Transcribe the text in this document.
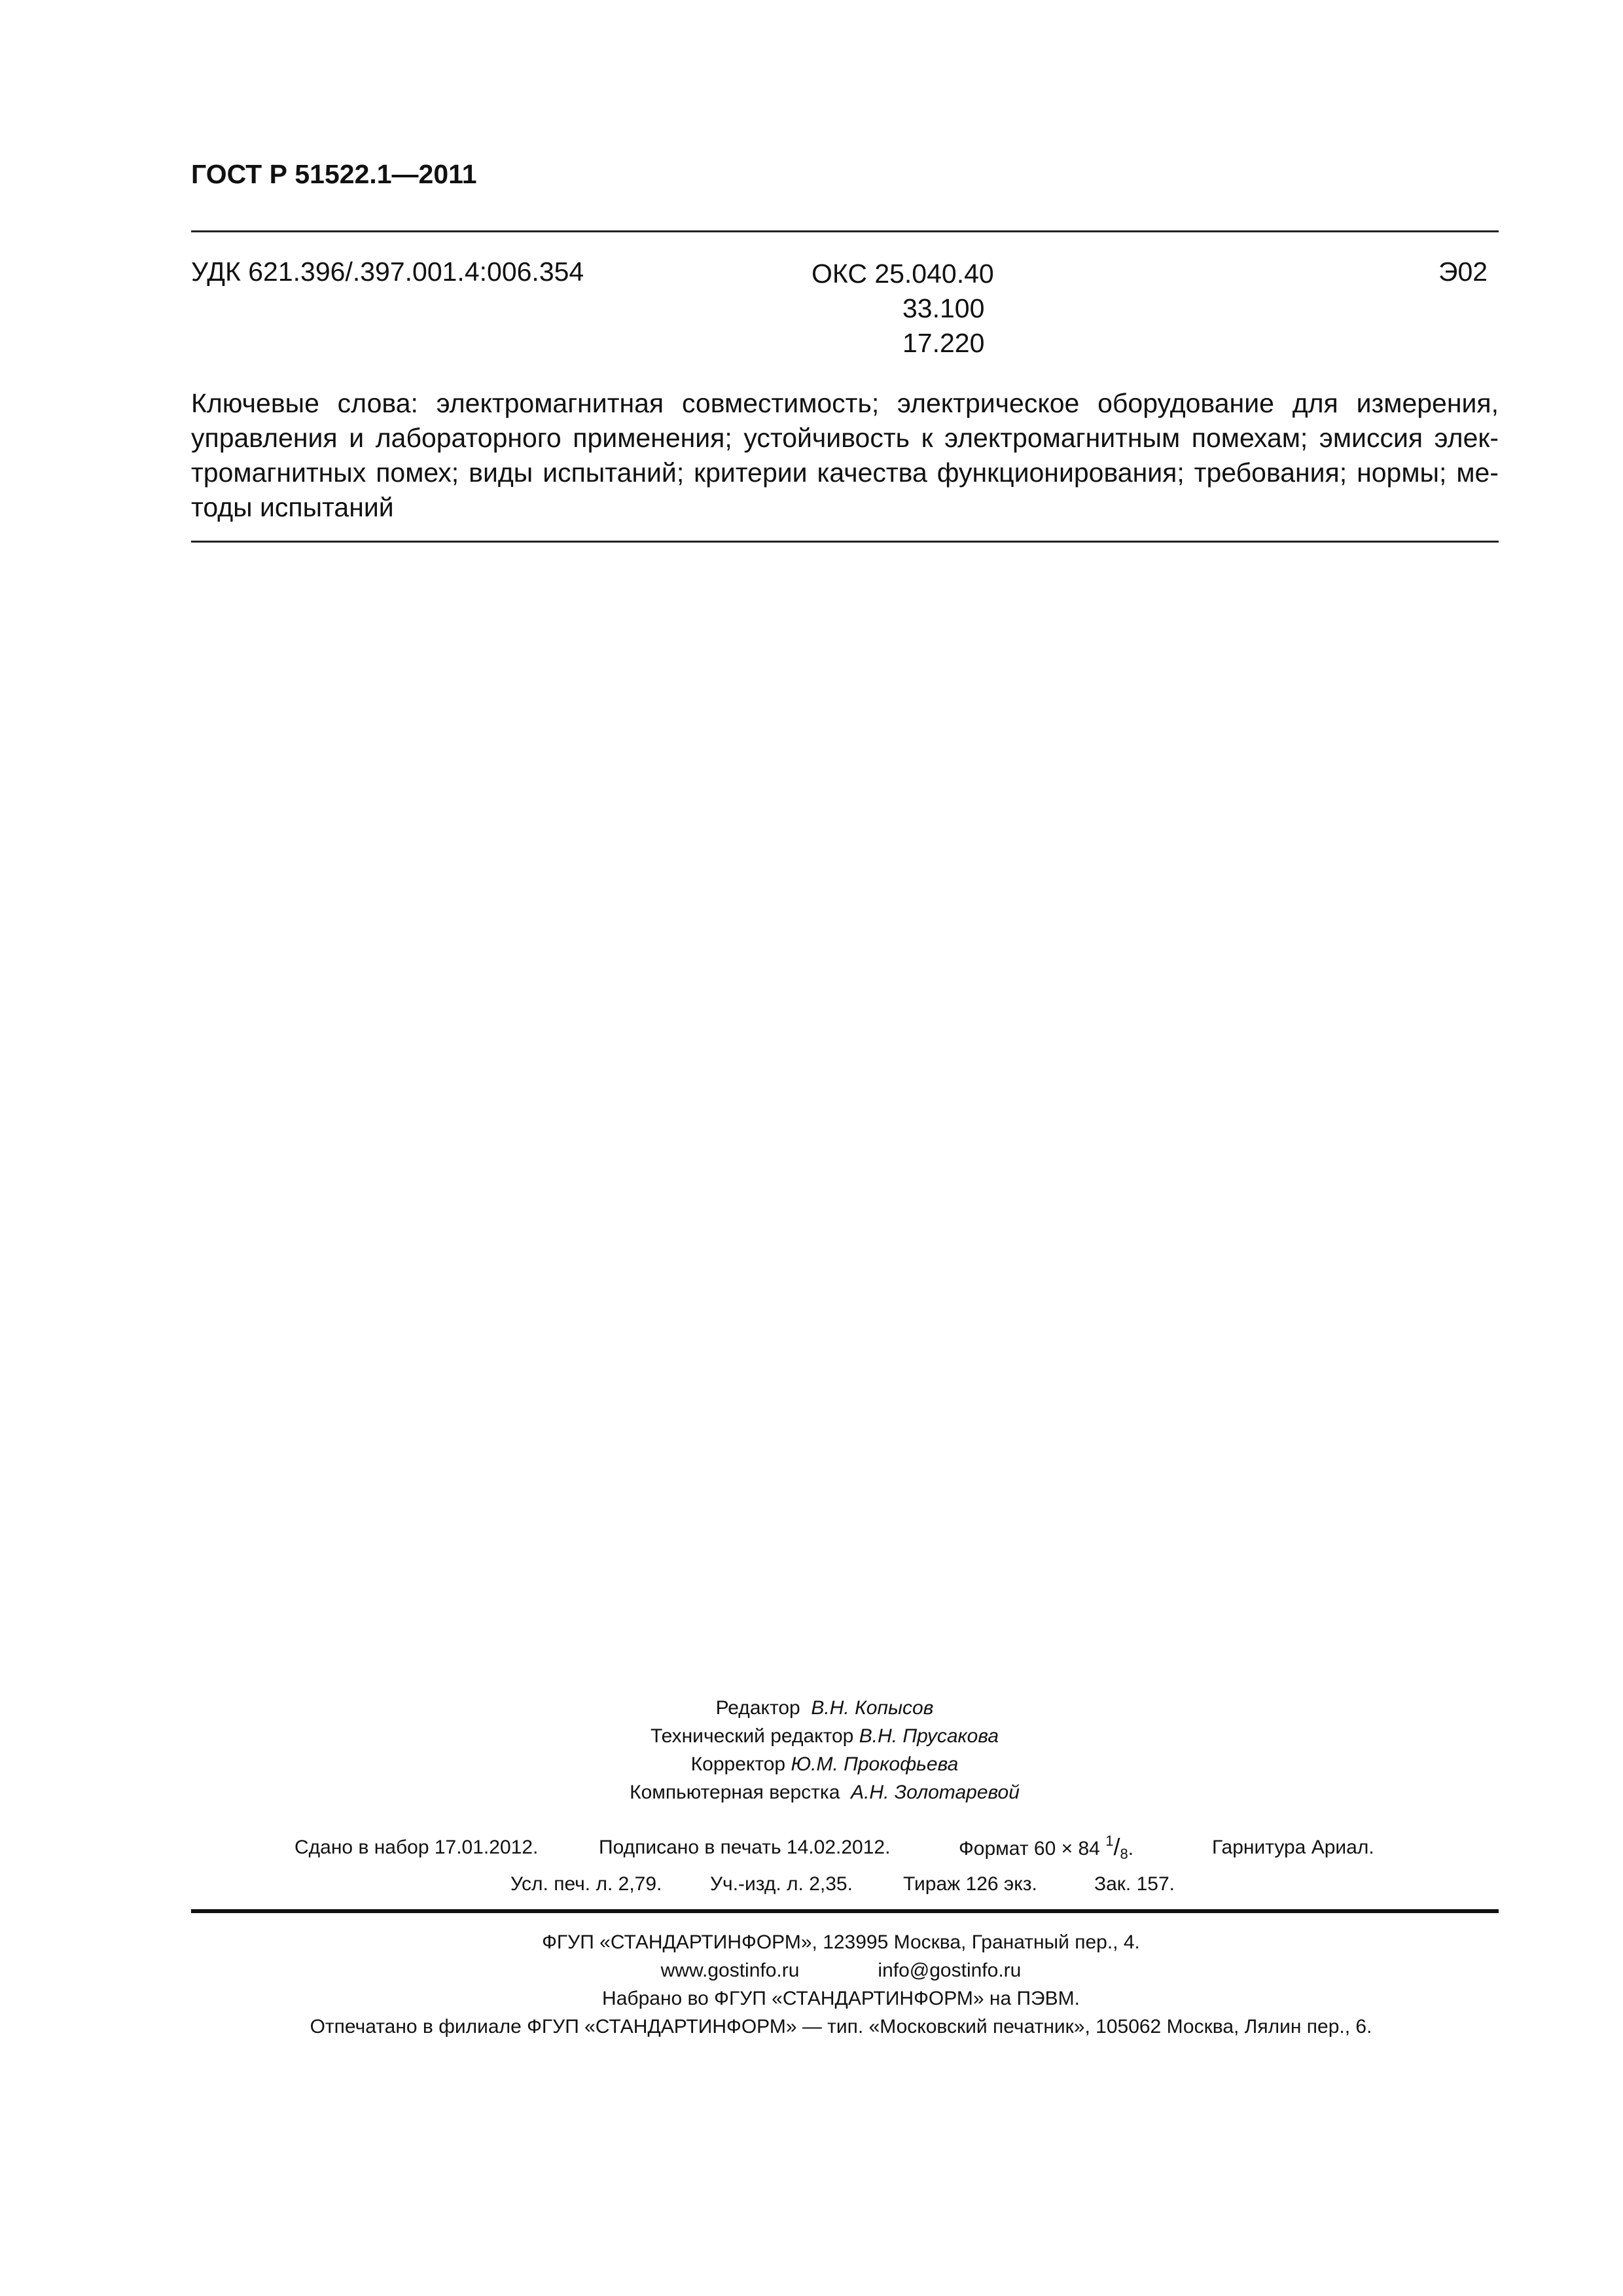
ГОСТ Р 51522.1—2011
УДК 621.396/.397.001.4:006.354	ОКС 25.040.40
33.100
17.220
Э02
Ключевые слова: электромагнитная совместимость; электрическое оборудование для измерения,
управления и лабораторного применения; устойчивость к электромагнитным помехам; эмиссия элек-
тромагнитных помех; виды испытаний; критерии качества функционирования; требования; нормы; ме-
тоды испытаний
Редактор В.Н. Копысов
Технический редактор В.Н. Прусакова
Корректор Ю.М. Прокофьева
Компьютерная верстка А.Н. Золотаревой
Сдано в набор 17.01.2012.	Подписано в печать 14.02.2012.	Формат 60 × 84 $^1/_8$.	Гарнитура Ариал.
Усл. печ. л. 2,79. Уч.-изд. л. 2,35.	Тираж 126 экз.	Зак. 157.
ФГУП «СТАНДАРТИНФОРМ», 123995 Москва, Гранатный пер., 4.
www.gostinfo.ru	info@gostinfo.ru
Набрано во ФГУП «СТАНДАРТИНФОРМ» на ПЭВМ.
Отпечатано в филиале ФГУП «СТАНДАРТИНФОРМ» — тип. «Московский печатник», 105062 Москва, Лялин пер., 6.
